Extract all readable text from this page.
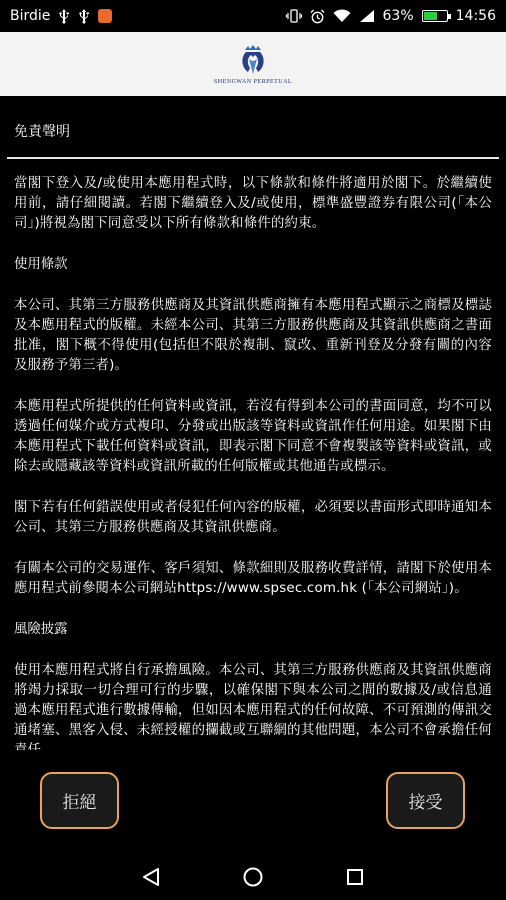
Birdie	63%	14:56
SHENGWAN PERPETUAL
免責聲明

當閣下登入及/或使用本應用程式時，以下條款和條件將適用於閣下。於繼續使用前，請仔細閱讀。若閣下繼續登入及/或使用，標準盛豐證券有限公司(「本公司」)將視為閣下同意受以下所有條款和條件的約束。

使用條款

本公司、其第三方服務供應商及其資訊供應商擁有本應用程式顯示之商標及標誌及本應用程式的版權。未經本公司、其第三方服務供應商及其資訊供應商之書面批准，閣下概不得使用(包括但不限於複制、竄改、重新刊登及分發有關的內容及服務予第三者)。

本應用程式所提供的任何資料或資訊，若沒有得到本公司的書面同意，均不可以透過任何媒介或方式複印、分發或出版該等資料或資訊作任何用途。如果閣下由本應用程式下載任何資料或資訊，即表示閣下同意不會複製該等資料或資訊，或除去或隱藏該等資料或資訊所載的任何版權或其他通告或標示。

閣下若有任何錯誤使用或者侵犯任何內容的版權，必須要以書面形式即時通知本公司、其第三方服務供應商及其資訊供應商。

有關本公司的交易運作、客戶須知、條款細則及服務收費詳情，請閣下於使用本應用程式前參閱本公司網站https://www.spsec.com.hk (「本公司網站」)。

風險披露

使用本應用程式將自行承擔風險。本公司、其第三方服務供應商及其資訊供應商將竭力採取一切合理可行的步驟，以確保閣下與本公司之間的數據及/或信息通過本應用程式進行數據傳輸，但如因本應用程式的任何故障、不可預測的傳訊交通堵塞、黑客入侵、未經授權的攔截或互聯網的其他問題，本公司不會承擔任何

拒絕	接受
